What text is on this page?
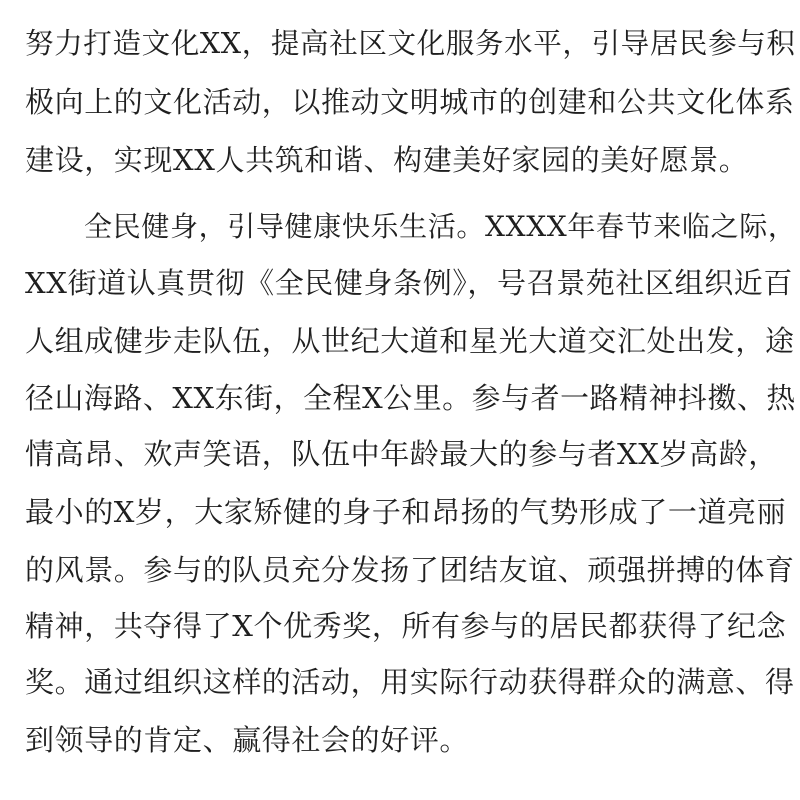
努力打造文化XX，提高社区文化服务水平，引导居民参与积
极向上的文化活动，以推动文明城市的创建和公共文化体系
建设，实现XX人共筑和谐、构建美好家园的美好愿景。
全民健身，引导健康快乐生活。XXXX年春节来临之际，
XX街道认真贯彻《全民健身条例》，号召景苑社区组织近百
人组成健步走队伍，从世纪大道和星光大道交汇处出发，途
径山海路、XX东街，全程X公里。参与者一路精神抖擞、热
情高昂、欢声笑语，队伍中年龄最大的参与者XX岁高龄，
最小的X岁，大家矫健的身子和昂扬的气势形成了一道亮丽
的风景。参与的队员充分发扬了团结友谊、顽强拼搏的体育
精神，共夺得了X个优秀奖，所有参与的居民都获得了纪念
奖。通过组织这样的活动，用实际行动获得群众的满意、得
到领导的肯定、赢得社会的好评。
